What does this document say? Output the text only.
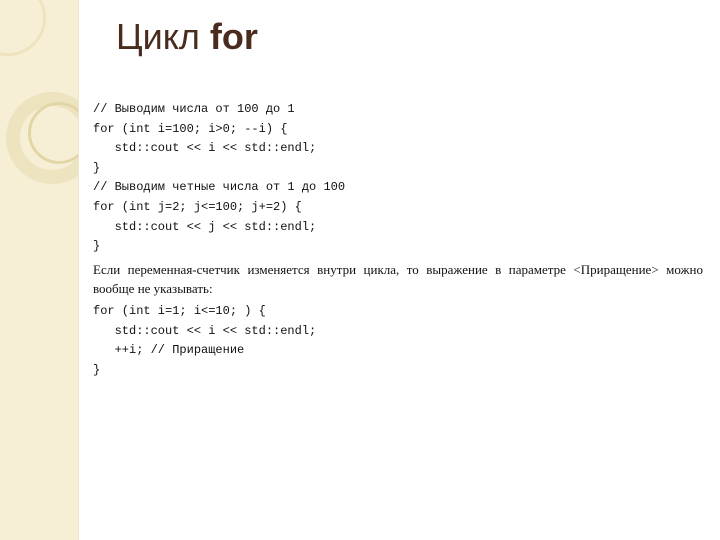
Цикл for
// Выводим числа от 100 до 1
for (int i=100; i>0; --i) {
std::cout << i << std::endl;
}
// Выводим четные числа от 1 до 100
for (int j=2; j<=100; j+=2) {
std::cout << j << std::endl;
}

Если переменная-счетчик изменяется внутри цикла, то выражение в параметре <Приращение> можно вообще не указывать:

for (int i=1; i<=10; ) {
std::cout << i << std::endl;
++i; // Приращение
}
